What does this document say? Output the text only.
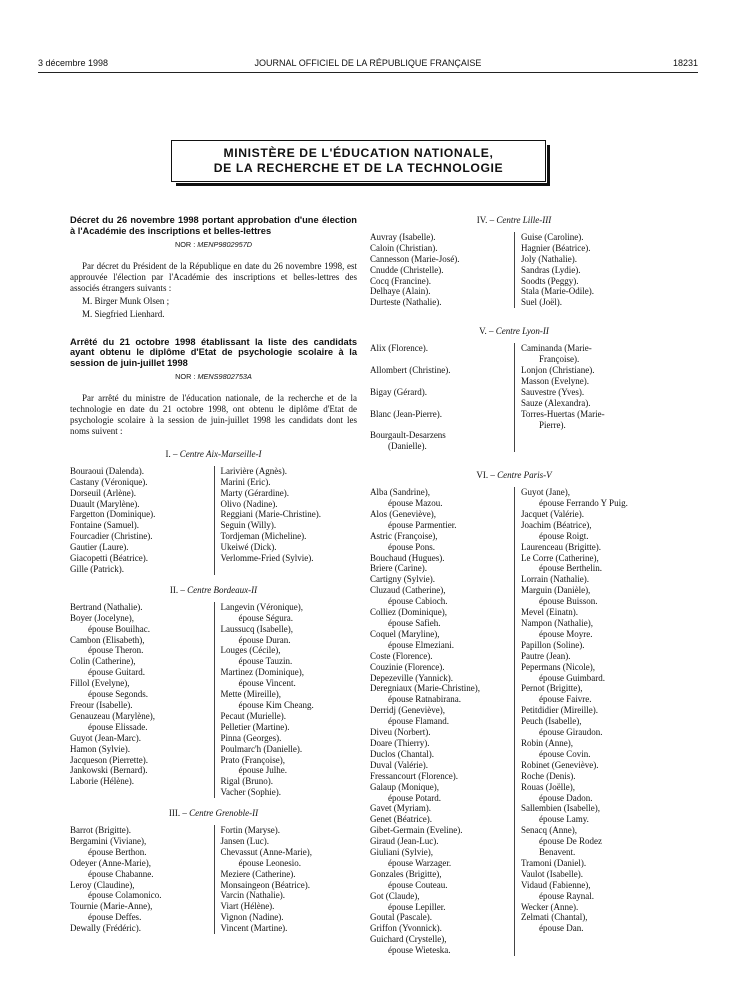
3 décembre 1998	JOURNAL OFFICIEL DE LA RÉPUBLIQUE FRANÇAISE	18231
MINISTÈRE DE L'ÉDUCATION NATIONALE,
DE LA RECHERCHE ET DE LA TECHNOLOGIE

Décret du 26 novembre 1998 portant approbation d'une élection à l'Académie des inscriptions et belles-lettres

NOR : MENP9802957D

Par décret du Président de la République en date du 26 novembre 1998, est approuvée l'élection par l'Académie des inscriptions et belles-lettres des associés étrangers suivants :

M. Birger Munk Olsen ;

M. Siegfried Lienhard.

Arrêté du 21 octobre 1998 établissant la liste des candidats ayant obtenu le diplôme d'Etat de psychologie scolaire à la session de juin-juillet 1998

NOR : MENS9802753A

Par arrêté du ministre de l'éducation nationale, de la recherche et de la technologie en date du 21 octobre 1998, ont obtenu le diplôme d'Etat de psychologie scolaire à la session de juin-juillet 1998 les candidats dont les noms suivent :

I. – Centre Aix-Marseille-I

Bouraoui (Dalenda).
Castany (Véronique).
Dorseuil (Arlène).
Duault (Marylène).
Fargetton (Dominique).
Fontaine (Samuel).
Fourcadier (Christine).
Gautier (Laure).
Giacopetti (Béatrice).
Gille (Patrick).
Larivière (Agnès).
Marini (Eric).
Marty (Gérardine).
Olivo (Nadine).
Reggiani (Marie-Christine).
Seguin (Willy).
Tordjeman (Micheline).
Ukeiwé (Dick).
Verlomme-Fried (Sylvie).

II. – Centre Bordeaux-II

Bertrand (Nathalie).
Boyer (Jocelyne),
épouse Bouilhac.
Cambon (Elisabeth),
épouse Theron.
Colin (Catherine),
épouse Guitard.
Fillol (Evelyne),
épouse Segonds.
Freour (Isabelle).
Genauzeau (Marylène),
épouse Elissade.
Guyot (Jean-Marc).
Hamon (Sylvie).
Jacqueson (Pierrette).
Jankowski (Bernard).
Laborie (Hélène).
Langevin (Véronique),
épouse Ségura.
Laussucq (Isabelle),
épouse Duran.
Louges (Cécile),
épouse Tauzin.
Martinez (Dominique),
épouse Vincent.
Mette (Mireille),
épouse Kim Cheang.
Pecaut (Murielle).
Pelletier (Martine).
Pinna (Georges).
Poulmarc'h (Danielle).
Prato (Françoise),
épouse Julhe.
Rigal (Bruno).
Vacher (Sophie).

III. – Centre Grenoble-II

Barrot (Brigitte).
Bergamini (Viviane),
épouse Berthon.
Odeyer (Anne-Marie),
épouse Chabanne.
Leroy (Claudine),
épouse Colamonico.
Tournie (Marie-Anne),
épouse Deffes.
Dewally (Frédéric).
Fortin (Maryse).
Jansen (Luc).
Chevassut (Anne-Marie),
épouse Leonesio.
Meziere (Catherine).
Monsaingeon (Béatrice).
Varcin (Nathalie).
Viart (Hélène).
Vignon (Nadine).
Vincent (Martine).

IV. – Centre Lille-III

Auvray (Isabelle).
Caloin (Christian).
Cannesson (Marie-José).
Cnudde (Christelle).
Cocq (Francine).
Delhaye (Alain).
Durteste (Nathalie).
Guise (Caroline).
Hagnier (Béatrice).
Joly (Nathalie).
Sandras (Lydie).
Soodts (Peggy).
Stala (Marie-Odile).
Suel (Joël).

V. – Centre Lyon-II

Alix (Florence).

Allombert (Christine).

Bigay (Gérard).

Blanc (Jean-Pierre).

Bourgault-Desarzens
(Danielle).
Caminanda (Marie-
Françoise).
Lonjon (Christiane).
Masson (Evelyne).
Sauvestre (Yves).
Sauze (Alexandra).
Torres-Huertas (Marie-
Pierre).

VI. – Centre Paris-V

Alba (Sandrine),
épouse Mazou.
Alos (Geneviève),
épouse Parmentier.
Astric (Françoise),
épouse Pons.
Bouchaud (Hugues).
Briere (Carine).
Cartigny (Sylvie).
Cluzaud (Catherine),
épouse Cabioch.
Colliez (Dominique),
épouse Safieh.
Coquel (Maryline),
épouse Elmeziani.
Coste (Florence).
Couzinie (Florence).
Depezeville (Yannick).
Deregniaux (Marie-Christine),
épouse Ratnabirana.
Derridj (Geneviève),
épouse Flamand.
Diveu (Norbert).
Doare (Thierry).
Duclos (Chantal).
Duval (Valérie).
Fressancourt (Florence).
Galaup (Monique),
épouse Potard.
Gavet (Myriam).
Genet (Béatrice).
Gibet-Germain (Eveline).
Giraud (Jean-Luc).
Giuliani (Sylvie),
épouse Warzager.
Gonzales (Brigitte),
épouse Couteau.
Got (Claude),
épouse Lepiller.
Goutal (Pascale).
Griffon (Yvonnick).
Guichard (Crystelle),
épouse Wieteska.
Guyot (Jane),
épouse Ferrando Y Puig.
Jacquet (Valérie).
Joachim (Béatrice),
épouse Roigt.
Laurenceau (Brigitte).
Le Corre (Catherine),
épouse Berthelin.
Lorrain (Nathalie).
Marguin (Danièle),
épouse Buisson.
Mevel (Einatn).
Nampon (Nathalie),
épouse Moyre.
Papillon (Soline).
Pautre (Jean).
Pepermans (Nicole),
épouse Guimbard.
Pernot (Brigitte),
épouse Faivre.
Petitdidier (Mireille).
Peuch (Isabelle),
épouse Giraudon.
Robin (Anne),
épouse Covin.
Robinet (Geneviève).
Roche (Denis).
Rouas (Joëlle),
épouse Dadon.
Sallembien (Isabelle),
épouse Lamy.
Senacq (Anne),
épouse De Rodez
Benavent.
Tramoni (Daniel).
Vaulot (Isabelle).
Vidaud (Fabienne),
épouse Raynal.
Wecker (Anne).
Zelmati (Chantal),
épouse Dan.
